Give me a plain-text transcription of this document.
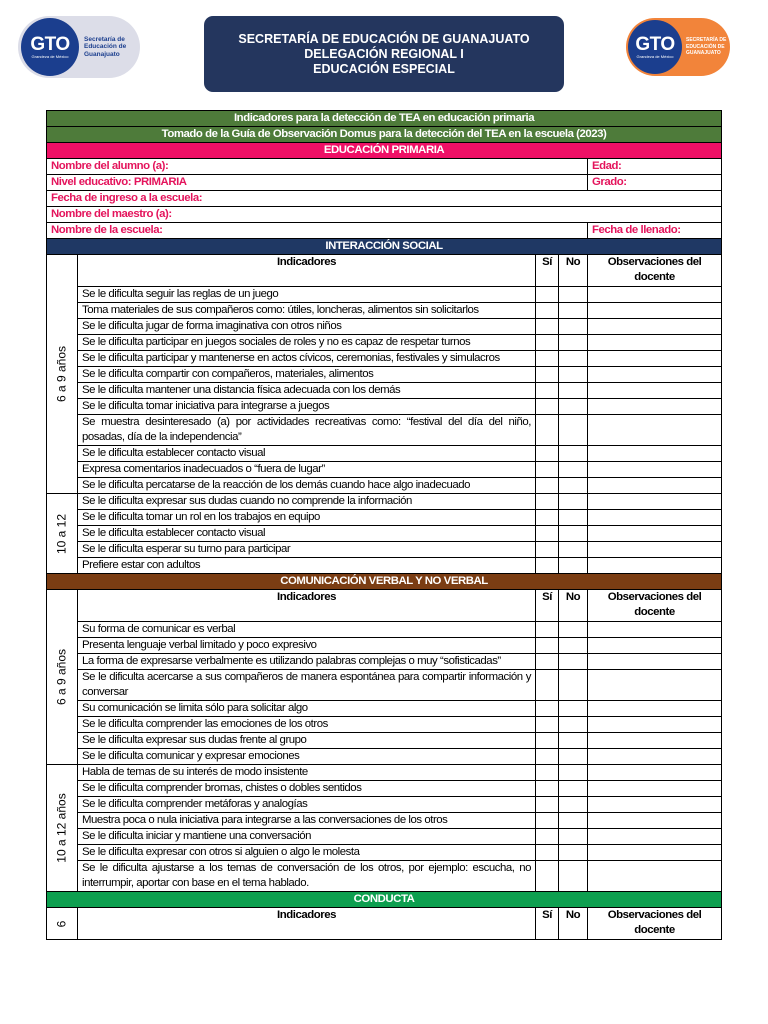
GTO
Grandeza de México
Secretaría de Educación de Guanajuato
SECRETARÍA DE EDUCACIÓN DE GUANAJUATO
DELEGACIÓN REGIONAL I
EDUCACIÓN ESPECIAL
GTO
Grandeza de México
SECRETARÍA DE EDUCACIÓN DE GUANAJUATO
Indicadores para la detección de TEA en educación primaria				
Tomado de la Guía de Observación Domus para la detección del TEA en la escuela (2023)				
EDUCACIÓN PRIMARIA				
Nombre del alumno (a):				Edad:
Nivel educativo: PRIMARIA				Grado:
Fecha de ingreso a la escuela:				
Nombre del maestro (a):				
Nombre de la escuela:				Fecha de llenado:
INTERACCIÓN SOCIAL				

6 a 9 años	Indicadores	Sí	No	Observaciones del docente
	Se le dificulta seguir las reglas de un juego			
	Toma materiales de sus compañeros como: útiles, loncheras, alimentos sin solicitarlos			
	Se le dificulta jugar de forma imaginativa con otros niños			
	Se le dificulta participar en juegos sociales de roles y no es capaz de respetar turnos			
	Se le dificulta participar y mantenerse en actos cívicos, ceremonias, festivales y simulacros			
	Se le dificulta compartir con compañeros, materiales, alimentos			
	Se le dificulta mantener una distancia física adecuada con los demás			
	Se le dificulta tomar iniciativa para integrarse a juegos			
	Se muestra desinteresado (a) por actividades recreativas como: “festival del día del niño, posadas, día de la independencia”			
	Se le dificulta establecer contacto visual			
	Expresa comentarios inadecuados o “fuera de lugar”			
	Se le dificulta percatarse de la reacción de los demás cuando hace algo inadecuado			

10 a 12	Se le dificulta expresar sus dudas cuando no comprende la información			
	Se le dificulta tomar un rol en los trabajos en equipo			
	Se le dificulta establecer contacto visual			
	Se le dificulta esperar su turno para participar			
	Prefiere estar con adultos			
COMUNICACIÓN VERBAL Y NO VERBAL				

6 a 9 años	Indicadores	Sí	No	Observaciones del docente
	Su forma de comunicar es verbal			
	Presenta lenguaje verbal limitado y poco expresivo			
	La forma de expresarse verbalmente es utilizando palabras complejas o muy “sofisticadas”			
	Se le dificulta acercarse a sus compañeros de manera espontánea para compartir información y conversar			
	Su comunicación se limita sólo para solicitar algo			
	Se le dificulta comprender las emociones de los otros			
	Se le dificulta expresar sus dudas frente al grupo			
	Se le dificulta comunicar y expresar emociones			

10 a 12 años	Habla de temas de su interés de modo insistente			
	Se le dificulta comprender bromas, chistes o dobles sentidos			
	Se le dificulta comprender metáforas y analogías			
	Muestra poca o nula iniciativa para integrarse a las conversaciones de los otros			
	Se le dificulta iniciar y mantiene una conversación			
	Se le dificulta expresar con otros si alguien o algo le molesta			
	Se le dificulta ajustarse a los temas de conversación de los otros, por ejemplo: escucha, no interrumpir, aportar con base en el tema hablado.			
CONDUCTA				

6	Indicadores	Sí	No	Observaciones del docente
